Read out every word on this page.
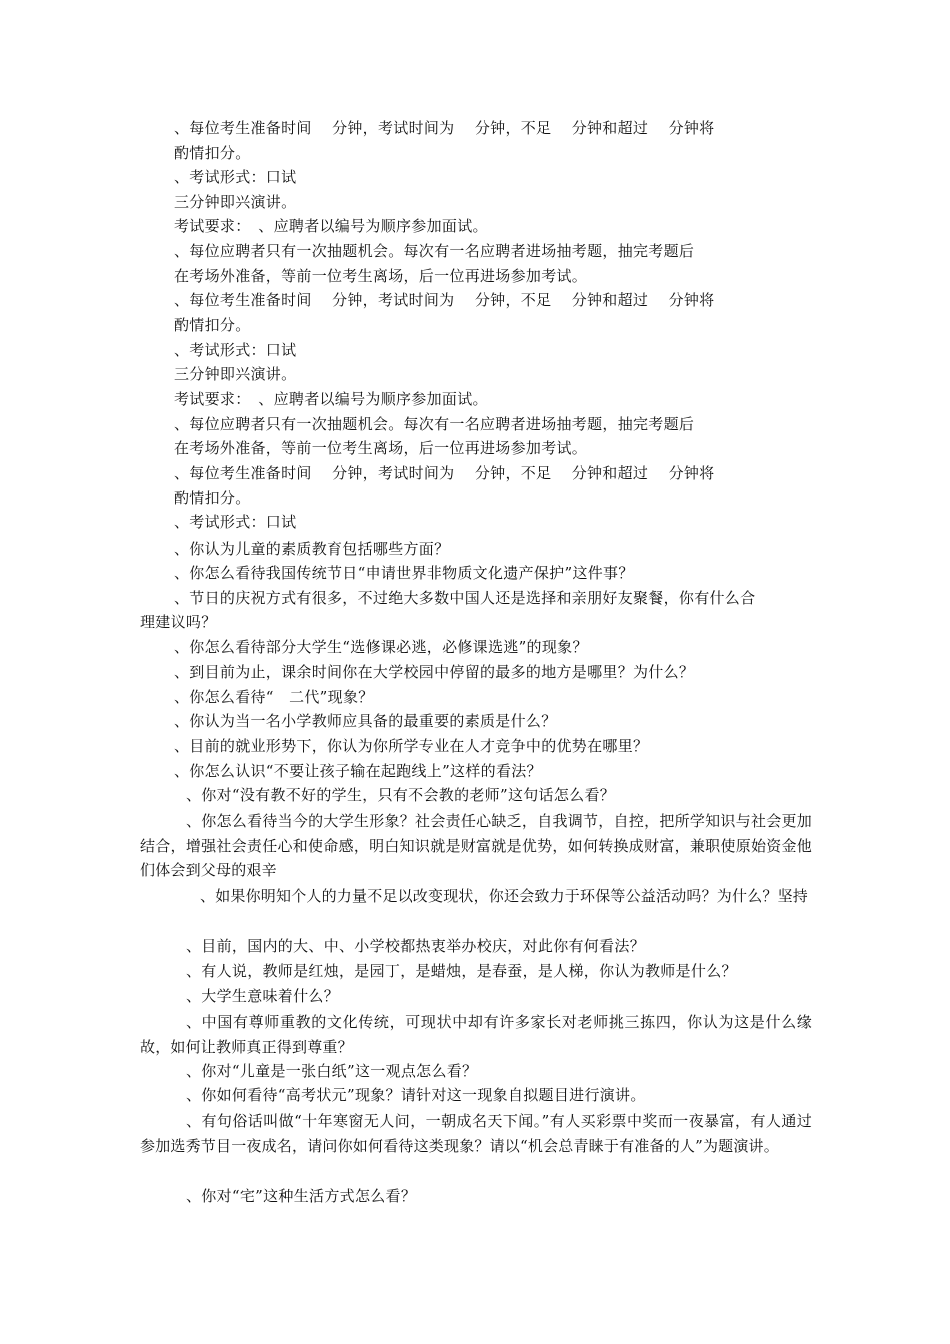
、每位考生准备时间　 分钟，考试时间为　 分钟，不足　 分钟和超过　 分钟将
酌情扣分。
、考试形式：口试
三分钟即兴演讲。
考试要求：　、应聘者以编号为顺序参加面试。
、每位应聘者只有一次抽题机会。每次有一名应聘者进场抽考题，抽完考题后
在考场外准备，等前一位考生离场，后一位再进场参加考试。
、每位考生准备时间　 分钟，考试时间为　 分钟，不足　 分钟和超过　 分钟将
酌情扣分。
、考试形式：口试
三分钟即兴演讲。
考试要求：　、应聘者以编号为顺序参加面试。
、每位应聘者只有一次抽题机会。每次有一名应聘者进场抽考题，抽完考题后
在考场外准备，等前一位考生离场，后一位再进场参加考试。
、每位考生准备时间　 分钟，考试时间为　 分钟，不足　 分钟和超过　 分钟将
酌情扣分。
、考试形式：口试
、你认为儿童的素质教育包括哪些方面？
、你怎么看待我国传统节日“申请世界非物质文化遗产保护”这件事？
、节日的庆祝方式有很多，不过绝大多数中国人还是选择和亲朋好友聚餐，你有什么合
理建议吗？
、你怎么看待部分大学生“选修课必逃，必修课选逃”的现象？
、到目前为止，课余时间你在大学校园中停留的最多的地方是哪里？为什么？
、你怎么看待“　二代”现象？
、你认为当一名小学教师应具备的最重要的素质是什么？
、目前的就业形势下，你认为你所学专业在人才竞争中的优势在哪里？
、你怎么认识“不要让孩子输在起跑线上”这样的看法？
、你对“没有教不好的学生，只有不会教的老师”这句话怎么看？
、你怎么看待当今的大学生形象？社会责任心缺乏，自我调节，自控，把所学知识与社会更加结合，增强社会责任心和使命感，明白知识就是财富就是优势，如何转换成财富，兼职使原始资金他们体会到父母的艰辛
、如果你明知个人的力量不足以改变现状，你还会致力于环保等公益活动吗？为什么？坚持
、目前，国内的大、中、小学校都热衷举办校庆，对此你有何看法？
、有人说，教师是红烛，是园丁，是蜡烛，是春蚕，是人梯，你认为教师是什么？
、大学生意味着什么？
、中国有尊师重教的文化传统，可现状中却有许多家长对老师挑三拣四，你认为这是什么缘故，如何让教师真正得到尊重？
、你对“儿童是一张白纸”这一观点怎么看？
、你如何看待“高考状元”现象？请针对这一现象自拟题目进行演讲。
、有句俗话叫做“十年寒窗无人问，一朝成名天下闻。”有人买彩票中奖而一夜暴富，有人通过参加选秀节目一夜成名，请问你如何看待这类现象？请以“机会总青睐于有准备的人”为题演讲。
、你对“宅”这种生活方式怎么看？
